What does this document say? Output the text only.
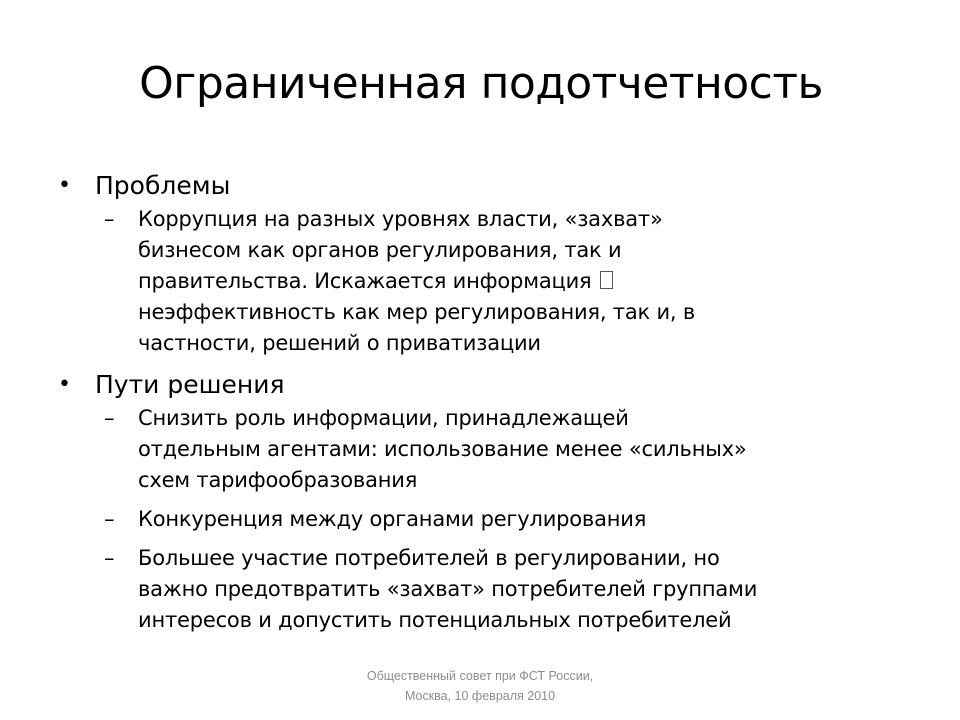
Ограниченная подотчетность
• Проблемы
– Коррупция на разных уровнях власти, «захват»
бизнесом как органов регулирования, так и
правительства. Искажается информация
неэффективность как мер регулирования, так и, в
частности, решений о приватизации
• Пути решения
– Снизить роль информации, принадлежащей
отдельным агентами: использование менее «сильных»
схем тарифообразования
– Конкуренция между органами регулирования
– Большее участие потребителей в регулировании, но
важно предотвратить «захват» потребителей группами
интересов и допустить потенциальных потребителей
Общественный совет при ФСТ России,
Москва, 10 февраля 2010
